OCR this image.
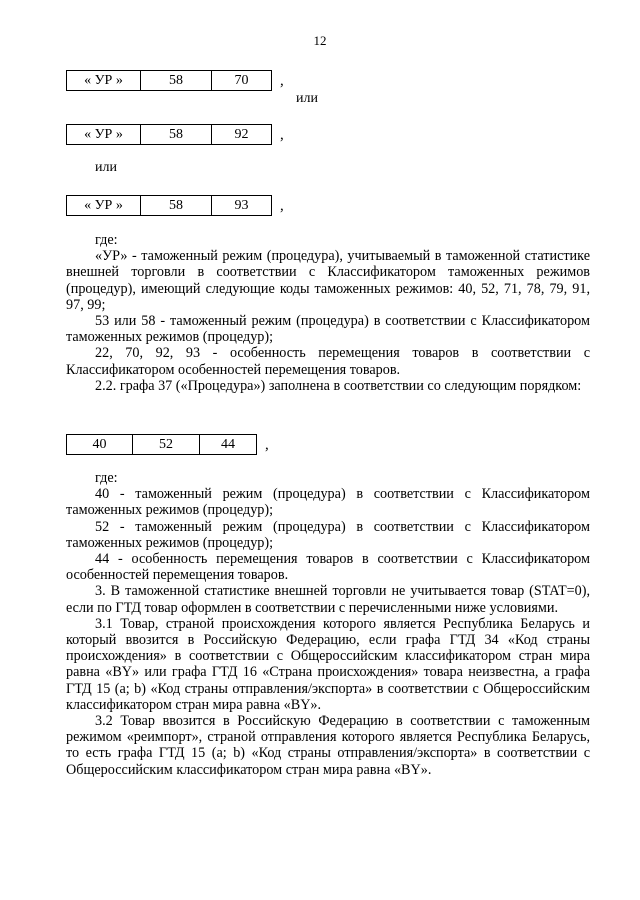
12
« УР »	58	70 ,
или
« УР »	58	92 ,
или
« УР »	58	93 ,

где:

«УР» - таможенный режим (процедура), учитываемый в таможенной статистике внешней торговли в соответствии с Классификатором таможенных режимов (процедур), имеющий следующие коды таможенных режимов: 40, 52, 71, 78, 79, 91, 97, 99;

53 или 58 - таможенный режим (процедура) в соответствии с Классификатором таможенных режимов (процедур);

22, 70, 92, 93 - особенность перемещения товаров в соответствии с Классификатором особенностей перемещения товаров.

2.2. графа 37 («Процедура») заполнена в соответствии со следующим порядком:

40	52	44 ,

где:

40 - таможенный режим (процедура) в соответствии с Классификатором таможенных режимов (процедур);

52 - таможенный режим (процедура) в соответствии с Классификатором таможенных режимов (процедур);

44 - особенность перемещения товаров в соответствии с Классификатором особенностей перемещения товаров.

3. В таможенной статистике внешней торговли не учитывается товар (STAT=0), если по ГТД товар оформлен в соответствии с перечисленными ниже условиями.

3.1 Товар, страной происхождения которого является Республика Беларусь и который ввозится в Российскую Федерацию, если графа ГТД 34 «Код страны происхождения» в соответствии с Общероссийским классификатором стран мира равна «BY» или графа ГТД 16 «Страна происхождения» товара неизвестна, а графа ГТД 15 (a; b) «Код страны отправления/экспорта» в соответствии с Общероссийским классификатором стран мира равна «BY».

3.2 Товар ввозится в Российскую Федерацию в соответствии с таможенным режимом «реимпорт», страной отправления которого является Республика Беларусь, то есть графа ГТД 15 (a; b) «Код страны отправления/экспорта» в соответствии с Общероссийским классификатором стран мира равна «BY».
